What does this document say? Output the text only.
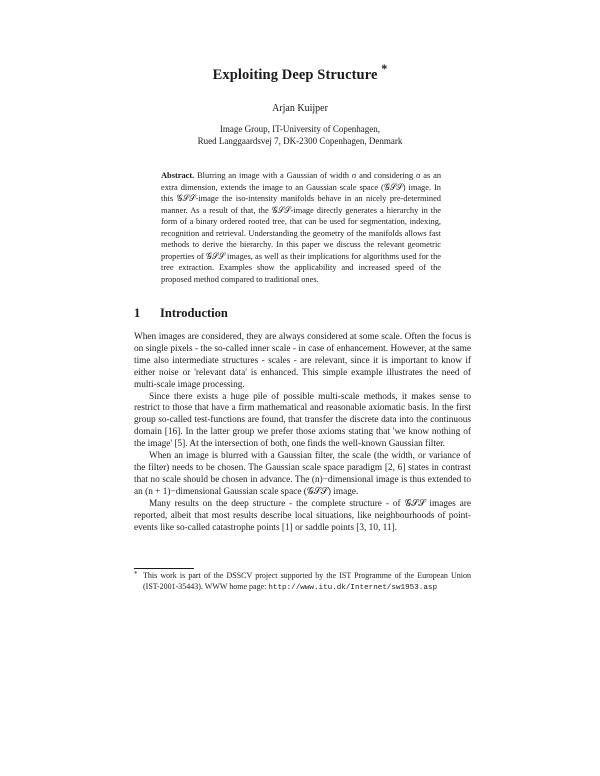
Exploiting Deep Structure *
Arjan Kuijper
Image Group, IT-University of Copenhagen,
Rued Langgaardsvej 7, DK-2300 Copenhagen, Denmark
Abstract. Blurring an image with a Gaussian of width σ and considering σ as an extra dimension, extends the image to an Gaussian scale space (𝒢𝒮𝒮) image. In this 𝒢𝒮𝒮-image the iso-intensity manifolds behave in an nicely pre-determined manner. As a result of that, the 𝒢𝒮𝒮-image directly generates a hierarchy in the form of a binary ordered rooted tree, that can be used for segmentation, indexing, recognition and retrieval. Understanding the geometry of the manifolds allows fast methods to derive the hierarchy. In this paper we discuss the relevant geometric properties of 𝒢𝒮𝒮 images, as well as their implications for algorithms used for the tree extraction. Examples show the applicability and increased speed of the proposed method compared to traditional ones.
1 Introduction

When images are considered, they are always considered at some scale. Often the focus is on single pixels - the so-called inner scale - in case of enhancement. However, at the same time also intermediate structures - scales - are relevant, since it is important to know if either noise or 'relevant data' is enhanced. This simple example illustrates the need of multi-scale image processing.

Since there exists a huge pile of possible multi-scale methods, it makes sense to restrict to those that have a firm mathematical and reasonable axiomatic basis. In the first group so-called test-functions are found, that transfer the discrete data into the continuous domain [16]. In the latter group we prefer those axioms stating that 'we know nothing of the image' [5]. At the intersection of both, one finds the well-known Gaussian filter.

When an image is blurred with a Gaussian filter, the scale (the width, or variance of the filter) needs to be chosen. The Gaussian scale space paradigm [2, 6] states in contrast that no scale should be chosen in advance. The (n)−dimensional image is thus extended to an (n + 1)−dimensional Gaussian scale space (𝒢𝒮𝒮) image.

Many results on the deep structure - the complete structure - of 𝒢𝒮𝒮 images are reported, albeit that most results describe local situations, like neighbourhoods of point-events like so-called catastrophe points [1] or saddle points [3, 10, 11].

* This work is part of the DSSCV project supported by the IST Programme of the European Union (IST-2001-35443). WWW home page: http://www.itu.dk/Internet/sw1953.asp
